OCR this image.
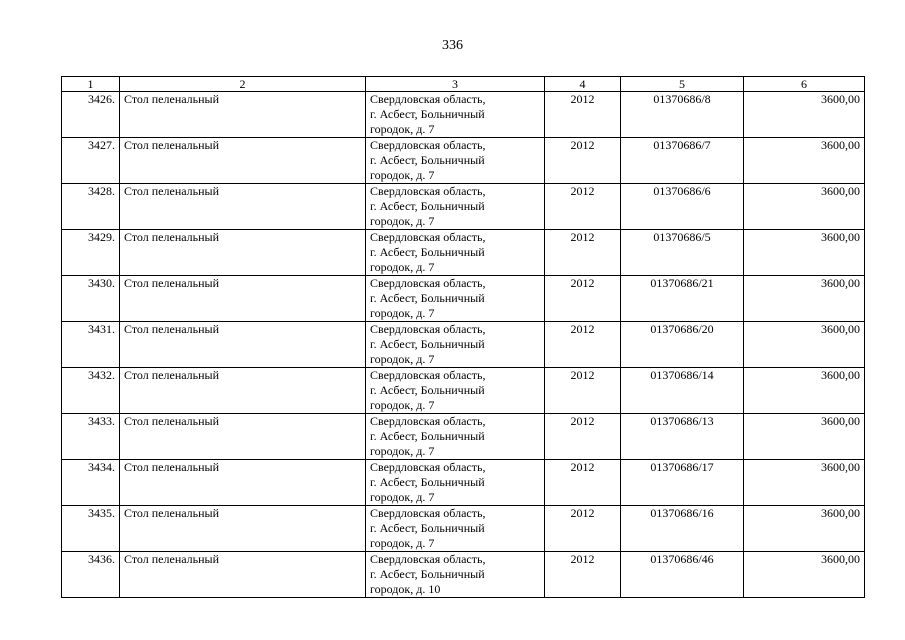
336
1	2	3	4	5	6
3426.	Стол пеленальный	Свердловская область,
г. Асбест, Больничный
городок, д. 7	2012	01370686/8	3600,00
3427.	Стол пеленальный	Свердловская область,
г. Асбест, Больничный
городок, д. 7	2012	01370686/7	3600,00
3428.	Стол пеленальный	Свердловская область,
г. Асбест, Больничный
городок, д. 7	2012	01370686/6	3600,00
3429.	Стол пеленальный	Свердловская область,
г. Асбест, Больничный
городок, д. 7	2012	01370686/5	3600,00
3430.	Стол пеленальный	Свердловская область,
г. Асбест, Больничный
городок, д. 7	2012	01370686/21	3600,00
3431.	Стол пеленальный	Свердловская область,
г. Асбест, Больничный
городок, д. 7	2012	01370686/20	3600,00
3432.	Стол пеленальный	Свердловская область,
г. Асбест, Больничный
городок, д. 7	2012	01370686/14	3600,00
3433.	Стол пеленальный	Свердловская область,
г. Асбест, Больничный
городок, д. 7	2012	01370686/13	3600,00
3434.	Стол пеленальный	Свердловская область,
г. Асбест, Больничный
городок, д. 7	2012	01370686/17	3600,00
3435.	Стол пеленальный	Свердловская область,
г. Асбест, Больничный
городок, д. 7	2012	01370686/16	3600,00
3436.	Стол пеленальный	Свердловская область,
г. Асбест, Больничный
городок, д. 10	2012	01370686/46	3600,00
